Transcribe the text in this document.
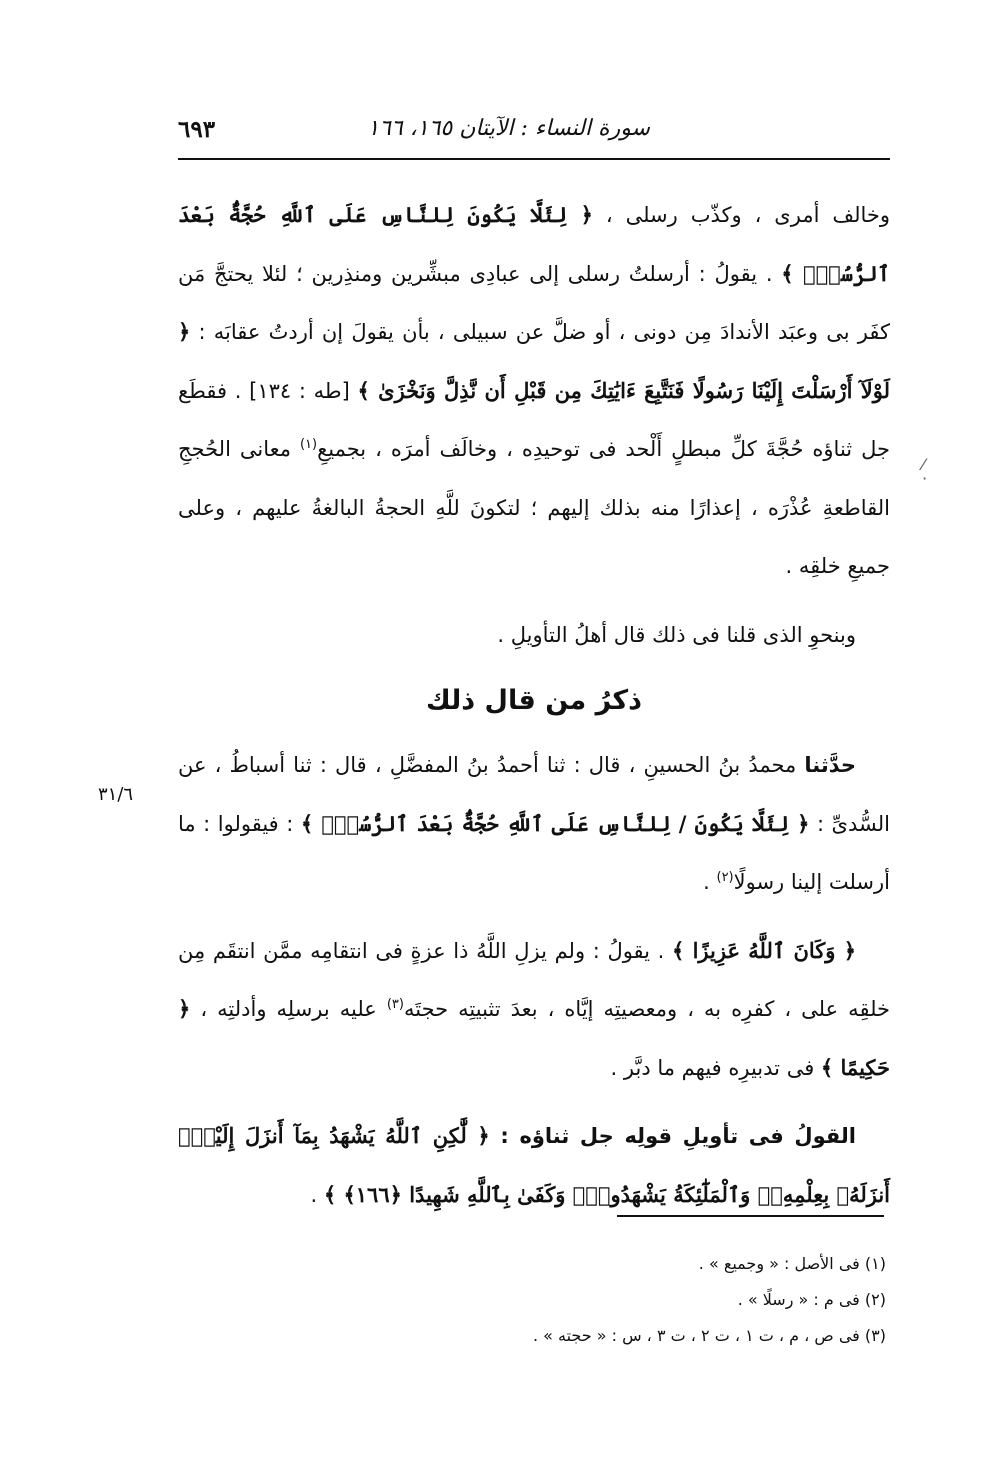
٦٩٣	سورة النساء : الآيتان ١٦٥، ١٦٦
٣١/٦
⁄
·

وخالف أمرى ، وكذّب رسلى ، ﴿ لِئَلَّا يَكُونَ لِلنَّاسِ عَلَى ٱللَّهِ حُجَّةٌۢ بَعْدَ ٱلرُّسُلِۚ ﴾ . يقولُ : أرسلتُ رسلى إلى عبادِى مبشِّرين ومنذِرين ؛ لئلا يحتجَّ مَن كفَر بى وعبَد الأندادَ مِن دونى ، أو ضلَّ عن سبيلى ، بأن يقولَ إن أردتُ عقابَه : ﴿ لَوْلَآ أَرْسَلْتَ إِلَيْنَا رَسُولًا فَنَتَّبِعَ ءَايَٰتِكَ مِن قَبْلِ أَن نَّذِلَّ وَنَخْزَىٰ ﴾ [طه : ١٣٤] . فقطَع جل ثناؤه حُجَّةَ كلِّ مبطلٍ أَلْحد فى توحيدِه ، وخالَف أمرَه ، بجميعِ$^{(١)}$ معانى الحُججِ القاطعةِ عُذْرَه ، إعذارًا منه بذلك إليهم ؛ لتكونَ للَّهِ الحجةُ البالغةُ عليهم ، وعلى جميعِ خلقِه .

وبنحوِ الذى قلنا فى ذلك قال أهلُ التأويلِ .

ذكرُ من قال ذلك

حدَّثنا محمدُ بنُ الحسينِ ، قال : ثنا أحمدُ بنُ المفضَّلِ ، قال : ثنا أسباطُ ، عن السُّدىِّ : ﴿ لِئَلَّا يَكُونَ / لِلنَّاسِ عَلَى ٱللَّهِ حُجَّةٌۢ بَعْدَ ٱلرُّسُلِۚ ﴾ : فيقولوا : ما أرسلت إلينا رسولًا$^{(٢)}$ .

﴿ وَكَانَ ٱللَّهُ عَزِيزًا ﴾ . يقولُ : ولم يزلِ اللَّهُ ذا عزةٍ فى انتقامِه ممَّن انتقَم مِن خلقِه على ، كفرِه به ، ومعصيتِه إيَّاه ، بعدَ تثبيتِه حجتَه$^{(٣)}$ عليه برسلِه وأدلتِه ، ﴿ حَكِيمًا ﴾ فى تدبيرِه فيهم ما دبَّر .

القولُ فى تأويلِ قولِه جل ثناؤه : ﴿ لَّٰكِنِ ٱللَّهُ يَشْهَدُ بِمَآ أَنزَلَ إِلَيْكَۖ أَنزَلَهُۥ بِعِلْمِهِۦۖ وَٱلْمَلَٰٓئِكَةُ يَشْهَدُونَۚ وَكَفَىٰ بِٱللَّهِ شَهِيدًا ﴿١٦٦﴾ ﴾ .

(١) فى الأصل : « وجميع » .
(٢) فى م : « رسلًا » .
(٣) فى ص ، م ، ت ١ ، ت ٢ ، ت ٣ ، س : « حجته » .
